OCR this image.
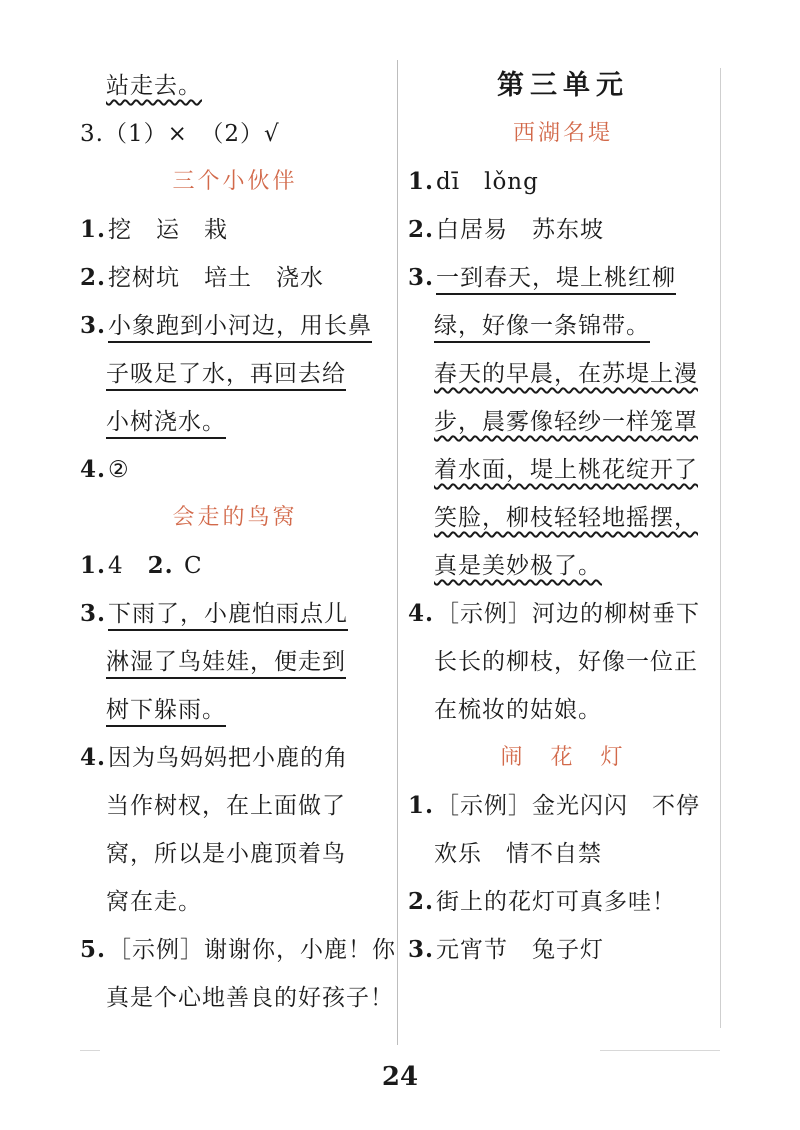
站走去。
3.（1）×　（2）√
三个小伙伴
1.挖　运　栽
2.挖树坑　培土　浇水
3.小象跑到小河边，用长鼻
子吸足了水，再回去给
小树浇水。
4.②
会走的鸟窝
1.4　2. C
3.下雨了，小鹿怕雨点儿
淋湿了鸟娃娃，便走到
树下躲雨。
4.因为鸟妈妈把小鹿的角
当作树杈，在上面做了
窝，所以是小鹿顶着鸟
窝在走。
5.［示例］谢谢你，小鹿！你
真是个心地善良的好孩子！
第三单元
西湖名堤
1.dī　lǒng
2.白居易　苏东坡
3.一到春天，堤上桃红柳
绿，好像一条锦带。
春天的早晨，在苏堤上漫
步，晨雾像轻纱一样笼罩
着水面，堤上桃花绽开了
笑脸，柳枝轻轻地摇摆，
真是美妙极了。
4.［示例］河边的柳树垂下
长长的柳枝，好像一位正
在梳妆的姑娘。
闹　花　灯
1.［示例］金光闪闪　不停
欢乐　情不自禁
2.街上的花灯可真多哇！
3.元宵节　兔子灯
24
